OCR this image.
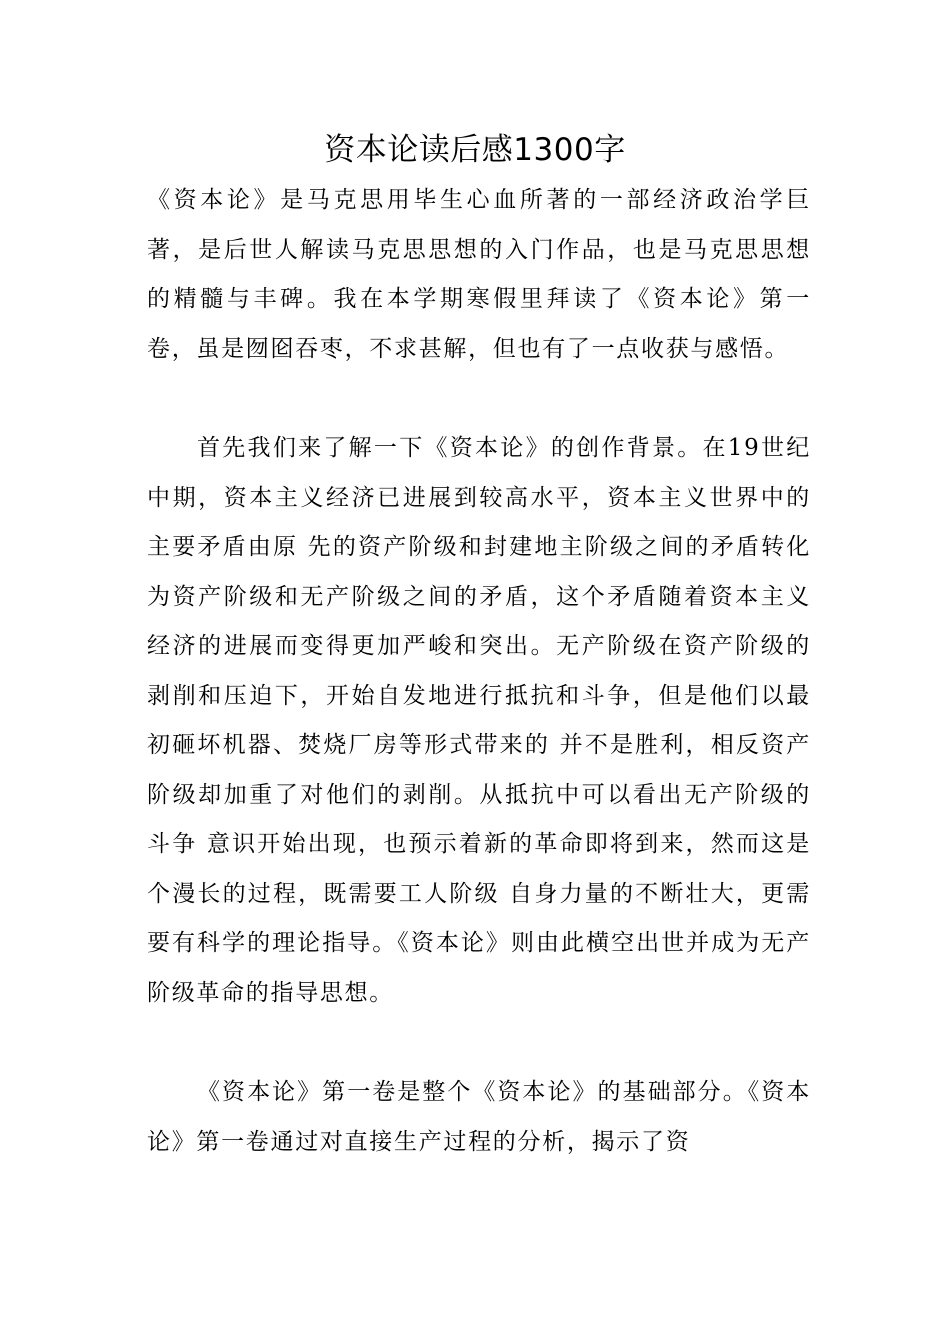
资本论读后感1300字

《资本论》是马克思用毕生心血所著的一部经济政治学巨著，是后世人解读马克思思想的入门作品，也是马克思思想的精髓与丰碑。我在本学期寒假里拜读了《资本论》第一卷，虽是囫囵吞枣，不求甚解，但也有了一点收获与感悟。

首先我们来了解一下《资本论》的创作背景。在19世纪中期，资本主义经济已进展到较高水平，资本主义世界中的主要矛盾由原 先的资产阶级和封建地主阶级之间的矛盾转化为资产阶级和无产阶级之间的矛盾，这个矛盾随着资本主义经济的进展而变得更加严峻和突出。无产阶级在资产阶级的剥削和压迫下，开始自发地进行抵抗和斗争，但是他们以最初砸坏机器、焚烧厂房等形式带来的 并不是胜利，相反资产阶级却加重了对他们的剥削。从抵抗中可以看出无产阶级的斗争 意识开始出现，也预示着新的革命即将到来，然而这是个漫长的过程，既需要工人阶级 自身力量的不断壮大，更需要有科学的理论指导。《资本论》则由此横空出世并成为无产阶级革命的指导思想。

《资本论》第一卷是整个《资本论》的基础部分。《资本论》第一卷通过对直接生产过程的分析，揭示了资
